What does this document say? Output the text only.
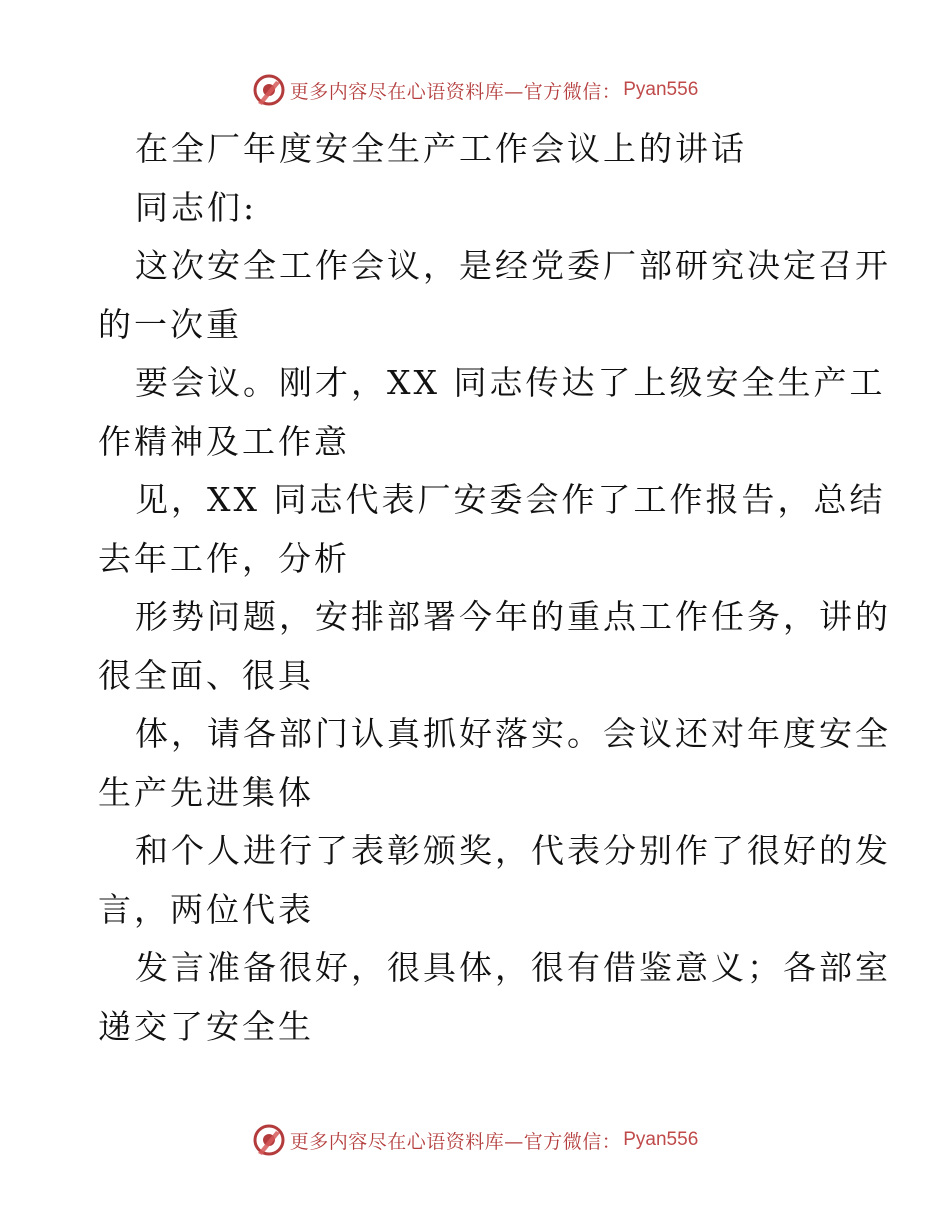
更多内容尽在心语资料库—官方微信： Pyan556
在全厂年度安全生产工作会议上的讲话
同志们:
这次安全工作会议，是经党委厂部研究决定召开
的一次重
要会议。刚才，XX 同志传达了上级安全生产工
作精神及工作意
见，XX 同志代表厂安委会作了工作报告，总结
去年工作，分析
形势问题，安排部署今年的重点工作任务，讲的
很全面、很具
体，请各部门认真抓好落实。会议还对年度安全
生产先进集体
和个人进行了表彰颁奖，代表分别作了很好的发
言，两位代表
发言准备很好，很具体，很有借鉴意义；各部室
递交了安全生
更多内容尽在心语资料库—官方微信： Pyan556
